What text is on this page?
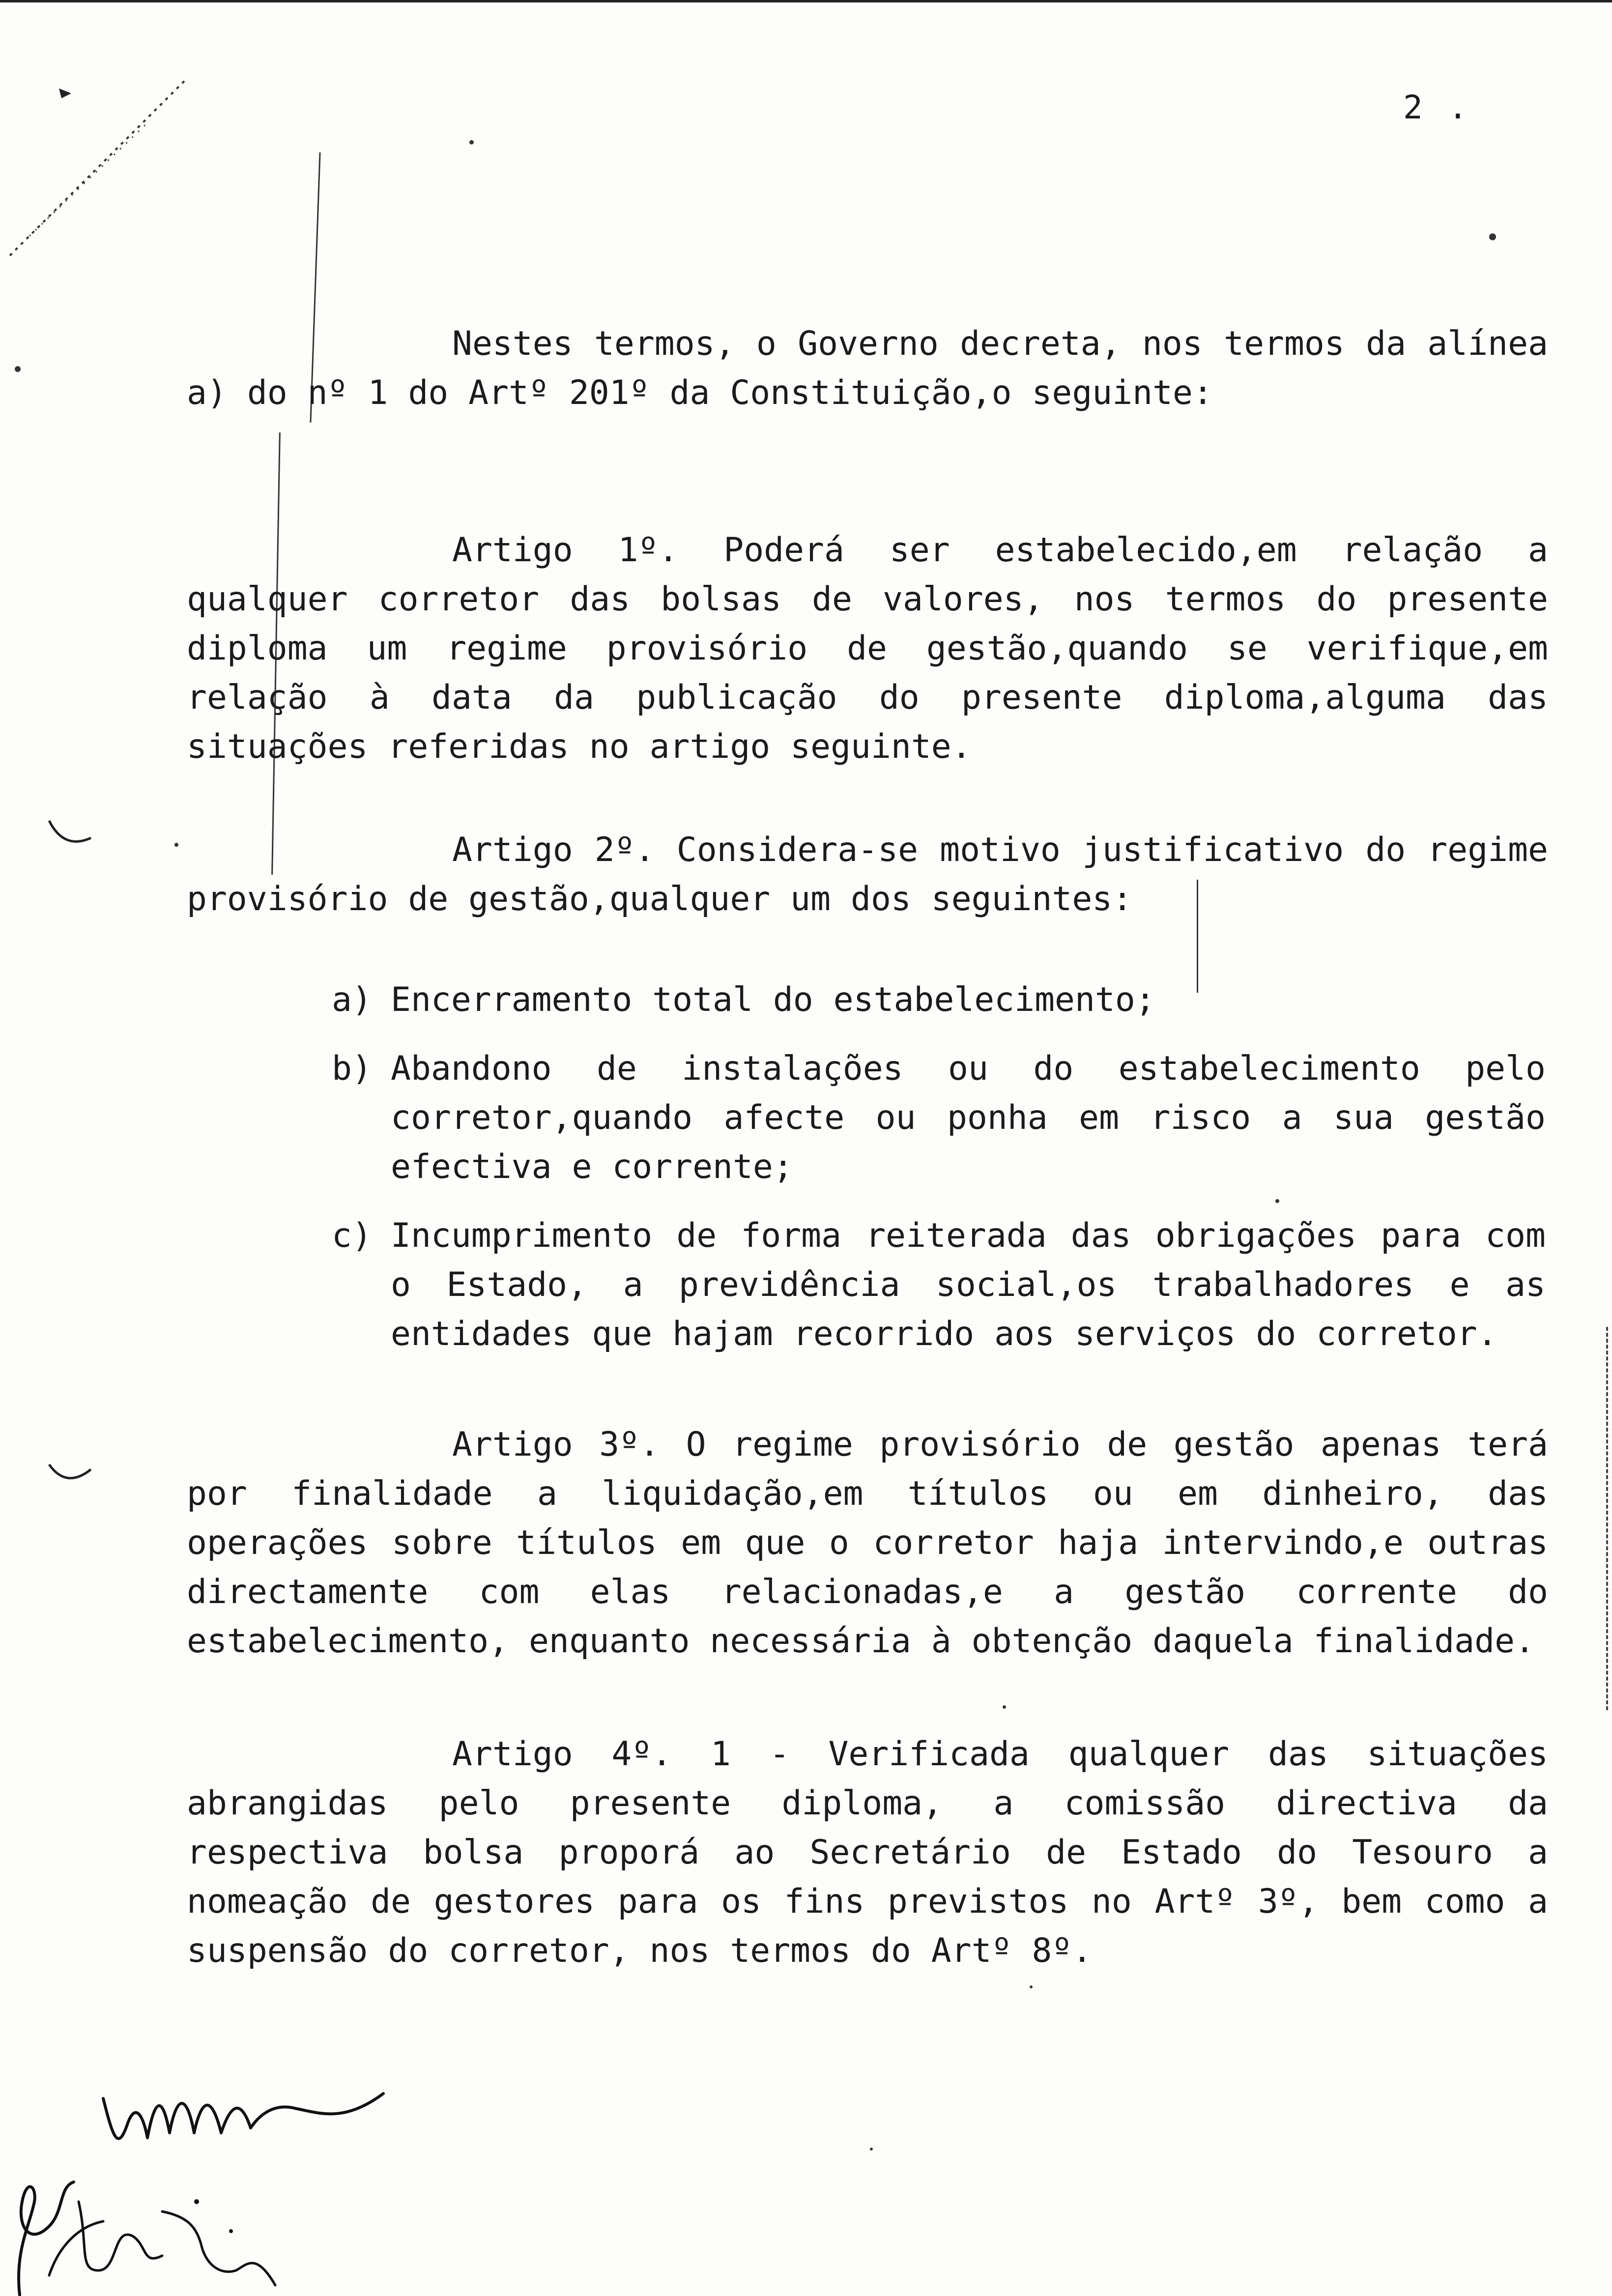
2 .

Nestes termos, o Governo decreta, nos termos da alínea a) do nº 1 do Artº 201º da Constituição,o seguinte:

Artigo 1º. Poderá ser estabelecido,em relação a qualquer corretor das bolsas de valores, nos termos do presente diploma um regime provisório de gestão,quando se verifique,em relação à data da publicação do presente diploma,alguma das situações referidas no artigo seguinte.

Artigo 2º. Considera-se motivo justificativo do regime provisório de gestão,qualquer um dos seguintes:

a) Encerramento total do estabelecimento;

b) Abandono de instalações ou do estabelecimento pelo corretor,quando afecte ou ponha em risco a sua gestão efectiva e corrente;

c) Incumprimento de forma reiterada das obrigações para com o Estado, a previdência social,os trabalhadores e as entidades que hajam recorrido aos serviços do corretor.

Artigo 3º. O regime provisório de gestão apenas terá por finalidade a liquidação,em títulos ou em dinheiro, das operações sobre títulos em que o corretor haja intervindo,e outras directamente com elas relacionadas,e a gestão corrente do estabelecimento, enquanto necessária à obtenção daquela finalidade.

Artigo 4º. 1 - Verificada qualquer das situações abrangidas pelo presente diploma, a comissão directiva da respectiva bolsa proporá ao Secretário de Estado do Tesouro a nomeação de gestores para os fins previstos no Artº 3º, bem como a suspensão do corretor, nos termos do Artº 8º.
